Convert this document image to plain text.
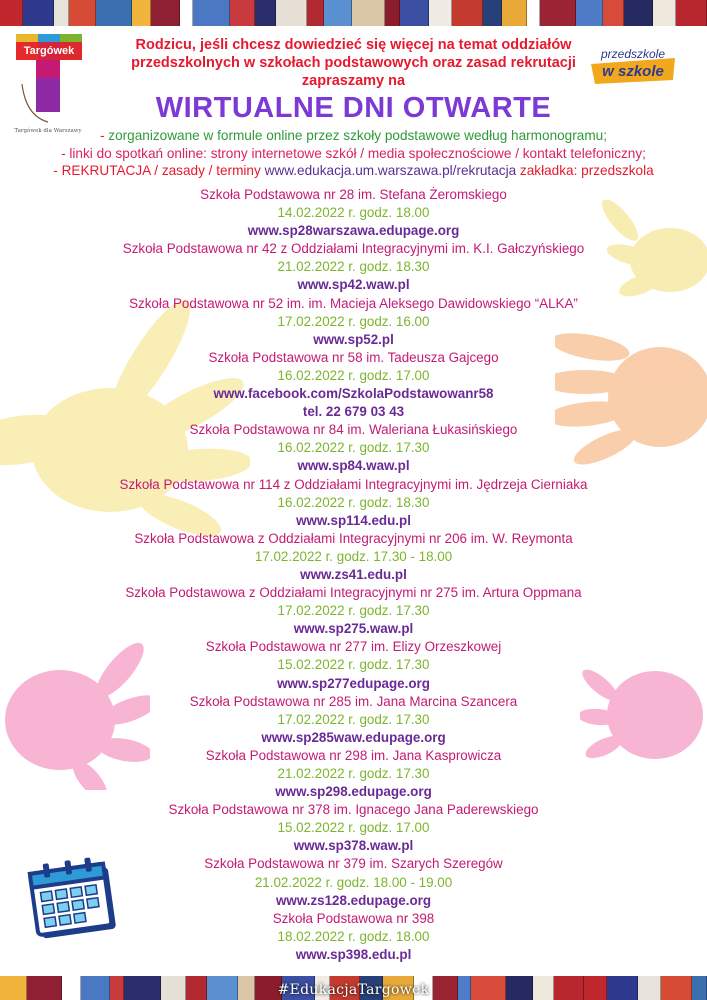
#EdukacjaTargowek
Targówek
Targówek dla Warszawy
przedszkole
w szkole
Rodzicu, jeśli chcesz dowiedzieć się więcej na temat oddziałów
przedszkolnych w szkołach podstawowych oraz zasad rekrutacji
zapraszamy na
WIRTUALNE DNI OTWARTE
- zorganizowane w formule online przez szkoły podstawowe według harmonogramu;
- linki do spotkań online: strony internetowe szkół / media społecznościowe / kontakt telefoniczny;
- REKRUTACJA / zasady / terminy www.edukacja.um.warszawa.pl/rekrutacja zakładka: przedszkola
Szkoła Podstawowa nr 28 im. Stefana Żeromskiego
14.02.2022 r. godz. 18.00
www.sp28warszawa.edupage.org
Szkoła Podstawowa nr 42 z Oddziałami Integracyjnymi im. K.I. Gałczyńskiego
21.02.2022 r. godz. 18.30
www.sp42.waw.pl
Szkoła Podstawowa nr 52 im. im. Macieja Aleksego Dawidowskiego “ALKA”
17.02.2022 r. godz. 16.00
www.sp52.pl
Szkoła Podstawowa nr 58 im. Tadeusza Gajcego
16.02.2022 r. godz. 17.00
www.facebook.com/SzkolaPodstawowanr58
tel. 22 679 03 43
Szkoła Podstawowa nr 84 im. Waleriana Łukasińskiego
16.02.2022 r. godz. 17.30
www.sp84.waw.pl
Szkoła Podstawowa nr 114 z Oddziałami Integracyjnymi im. Jędrzeja Cierniaka
16.02.2022 r. godz. 18.30
www.sp114.edu.pl
Szkoła Podstawowa z Oddziałami Integracyjnymi nr 206 im. W. Reymonta
17.02.2022 r. godz. 17.30 - 18.00
www.zs41.edu.pl
Szkoła Podstawowa z Oddziałami Integracyjnymi nr 275 im. Artura Oppmana
17.02.2022 r. godz. 17.30
www.sp275.waw.pl
Szkoła Podstawowa nr 277 im. Elizy Orzeszkowej
15.02.2022 r. godz. 17.30
www.sp277edupage.org
Szkoła Podstawowa nr 285 im. Jana Marcina Szancera
17.02.2022 r. godz. 17.30
www.sp285waw.edupage.org
Szkoła Podstawowa nr 298 im. Jana Kasprowicza
21.02.2022 r. godz. 17.30
www.sp298.edupage.org
Szkoła Podstawowa nr 378 im. Ignacego Jana Paderewskiego
15.02.2022 r. godz. 17.00
www.sp378.waw.pl
Szkoła Podstawowa nr 379 im. Szarych Szeregów
21.02.2022 r. godz. 18.00 - 19.00
www.zs128.edupage.org
Szkoła Podstawowa nr 398
18.02.2022 r. godz. 18.00
www.sp398.edu.pl
